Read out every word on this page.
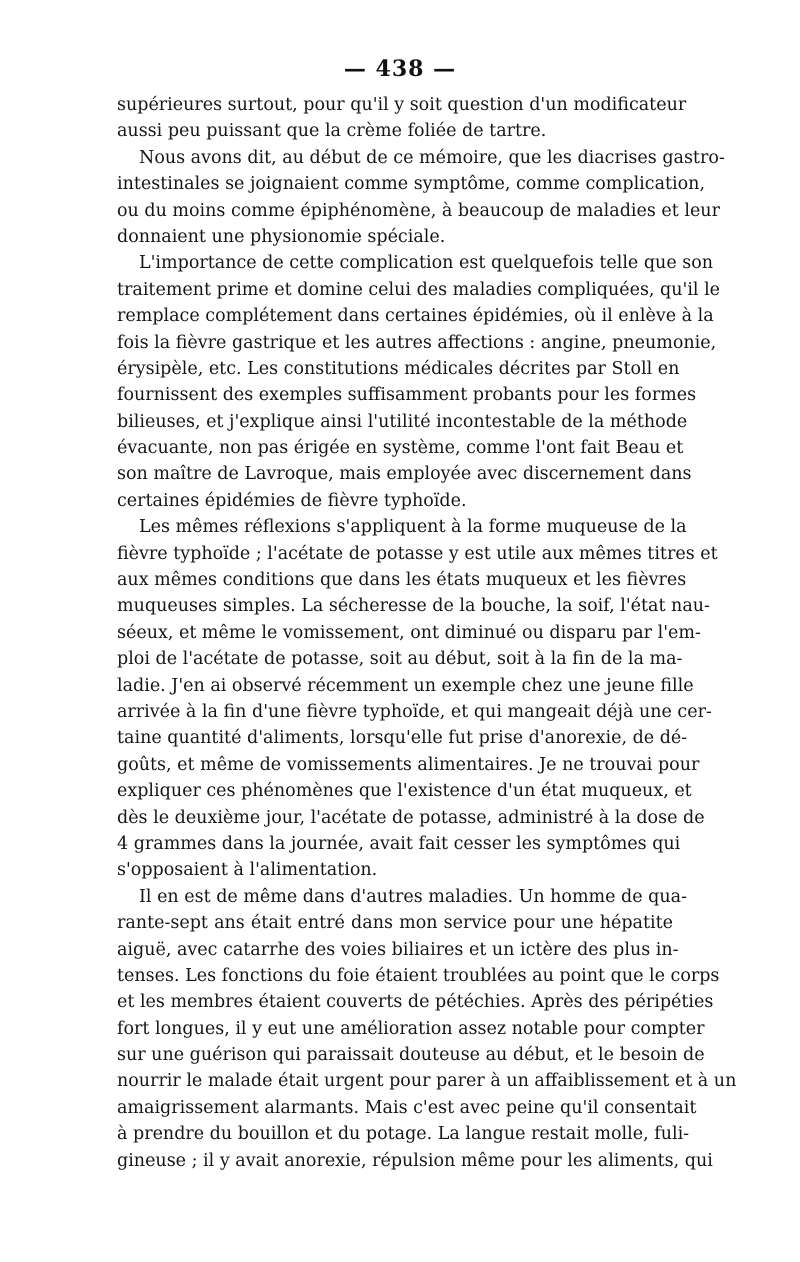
— 438 —
supérieures surtout, pour qu'il y soit question d'un modificateur
aussi peu puissant que la crème foliée de tartre.
Nous avons dit, au début de ce mémoire, que les diacrises gastro-
intestinales se joignaient comme symptôme, comme complication,
ou du moins comme épiphénomène, à beaucoup de maladies et leur
donnaient une physionomie spéciale.
L'importance de cette complication est quelquefois telle que son
traitement prime et domine celui des maladies compliquées, qu'il le
remplace complétement dans certaines épidémies, où il enlève à la
fois la fièvre gastrique et les autres affections : angine, pneumonie,
érysipèle, etc. Les constitutions médicales décrites par Stoll en
fournissent des exemples suffisamment probants pour les formes
bilieuses, et j'explique ainsi l'utilité incontestable de la méthode
évacuante, non pas érigée en système, comme l'ont fait Beau et
son maître de Lavroque, mais employée avec discernement dans
certaines épidémies de fièvre typhoïde.
Les mêmes réflexions s'appliquent à la forme muqueuse de la
fièvre typhoïde ; l'acétate de potasse y est utile aux mêmes titres et
aux mêmes conditions que dans les états muqueux et les fièvres
muqueuses simples. La sécheresse de la bouche, la soif, l'état nau-
séeux, et même le vomissement, ont diminué ou disparu par l'em-
ploi de l'acétate de potasse, soit au début, soit à la fin de la ma-
ladie. J'en ai observé récemment un exemple chez une jeune fille
arrivée à la fin d'une fièvre typhoïde, et qui mangeait déjà une cer-
taine quantité d'aliments, lorsqu'elle fut prise d'anorexie, de dé-
goûts, et même de vomissements alimentaires. Je ne trouvai pour
expliquer ces phénomènes que l'existence d'un état muqueux, et
dès le deuxième jour, l'acétate de potasse, administré à la dose de
4 grammes dans la journée, avait fait cesser les symptômes qui
s'opposaient à l'alimentation.
Il en est de même dans d'autres maladies. Un homme de qua-
rante-sept ans était entré dans mon service pour une hépatite
aiguë, avec catarrhe des voies biliaires et un ictère des plus in-
tenses. Les fonctions du foie étaient troublées au point que le corps
et les membres étaient couverts de pétéchies. Après des péripéties
fort longues, il y eut une amélioration assez notable pour compter
sur une guérison qui paraissait douteuse au début, et le besoin de
nourrir le malade était urgent pour parer à un affaiblissement et à un
amaigrissement alarmants. Mais c'est avec peine qu'il consentait
à prendre du bouillon et du potage. La langue restait molle, fuli-
gineuse ; il y avait anorexie, répulsion même pour les aliments, qui
